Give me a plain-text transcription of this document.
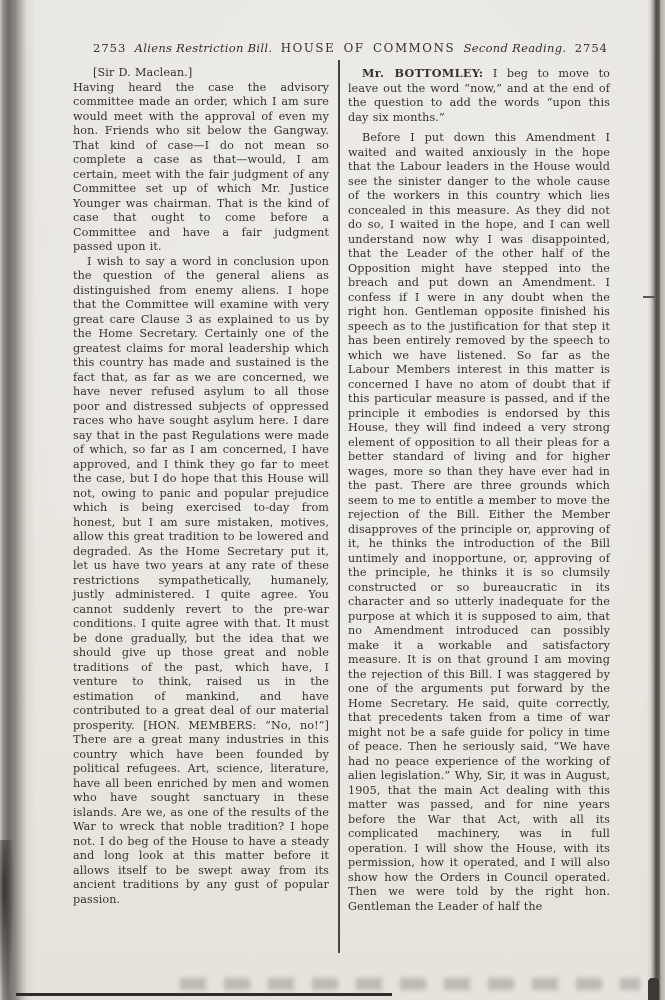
2753 Aliens Restriction Bill. HOUSE OF COMMONS Second Reading. 2754

[Sir D. Maclean.]

Having heard the case the advisory committee made an order, which I am sure would meet with the approval of even my hon. Friends who sit below the Gangway. That kind of case—I do not mean so complete a case as that—would, I am certain, meet with the fair judgment of any Committee set up of which Mr. Justice Younger was chairman. That is the kind of case that ought to come before a Committee and have a fair judgment passed upon it.

I wish to say a word in conclusion upon the question of the general aliens as distinguished from enemy aliens. I hope that the Committee will examine with very great care Clause 3 as explained to us by the Home Secretary. Certainly one of the greatest claims for moral leadership which this country has made and sustained is the fact that, as far as we are concerned, we have never refused asylum to all those poor and distressed subjects of oppressed races who have sought asylum here. I dare say that in the past Regulations were made of which, so far as I am concerned, I have approved, and I think they go far to meet the case, but I do hope that this House will not, owing to panic and popular prejudice which is being exercised to-day from honest, but I am sure mistaken, motives, allow this great tradition to be lowered and degraded. As the Home Secretary put it, let us have two years at any rate of these restrictions sympathetically, humanely, justly administered. I quite agree. You cannot suddenly revert to the pre-war conditions. I quite agree with that. It must be done gradually, but the idea that we should give up those great and noble traditions of the past, which have, I venture to think, raised us in the estimation of mankind, and have contributed to a great deal of our material prosperity. [HON. MEMBERS: “No, no!”] There are a great many industries in this country which have been founded by political refugees. Art, science, literature, have all been enriched by men and women who have sought sanctuary in these islands. Are we, as one of the results of the War to wreck that noble tradition? I hope not. I do beg of the House to have a steady and long look at this matter before it allows itself to be swept away from its ancient traditions by any gust of popular passion.

Mr. BOTTOMLEY: I beg to move to leave out the word “now,” and at the end of the question to add the words “upon this day six months.”

Before I put down this Amendment I waited and waited anxiously in the hope that the Labour leaders in the House would see the sinister danger to the whole cause of the workers in this country which lies concealed in this measure. As they did not do so, I waited in the hope, and I can well understand now why I was disappointed, that the Leader of the other half of the Opposition might have stepped into the breach and put down an Amendment. I confess if I were in any doubt when the right hon. Gentleman opposite finished his speech as to the justification for that step it has been entirely removed by the speech to which we have listened. So far as the Labour Members interest in this matter is concerned I have no atom of doubt that if this particular measure is passed, and if the principle it embodies is endorsed by this House, they will find indeed a very strong element of opposition to all their pleas for a better standard of living and for higher wages, more so than they have ever had in the past. There are three grounds which seem to me to entitle a member to move the rejection of the Bill. Either the Member disapproves of the principle or, approving of it, he thinks the introduction of the Bill untimely and inopportune, or, approving of the principle, he thinks it is so clumsily constructed or so bureaucratic in its character and so utterly inadequate for the purpose at which it is supposed to aim, that no Amendment introduced can possibly make it a workable and satisfactory measure. It is on that ground I am moving the rejection of this Bill. I was staggered by one of the arguments put forward by the Home Secretary. He said, quite correctly, that precedents taken from a time of war might not be a safe guide for policy in time of peace. Then he seriously said, “We have had no peace experience of the working of alien legislation.” Why, Sir, it was in August, 1905, that the main Act dealing with this matter was passed, and for nine years before the War that Act, with all its complicated machinery, was in full operation. I will show the House, with its permission, how it operated, and I will also show how the Orders in Council operated. Then we were told by the right hon. Gentleman the Leader of half the
